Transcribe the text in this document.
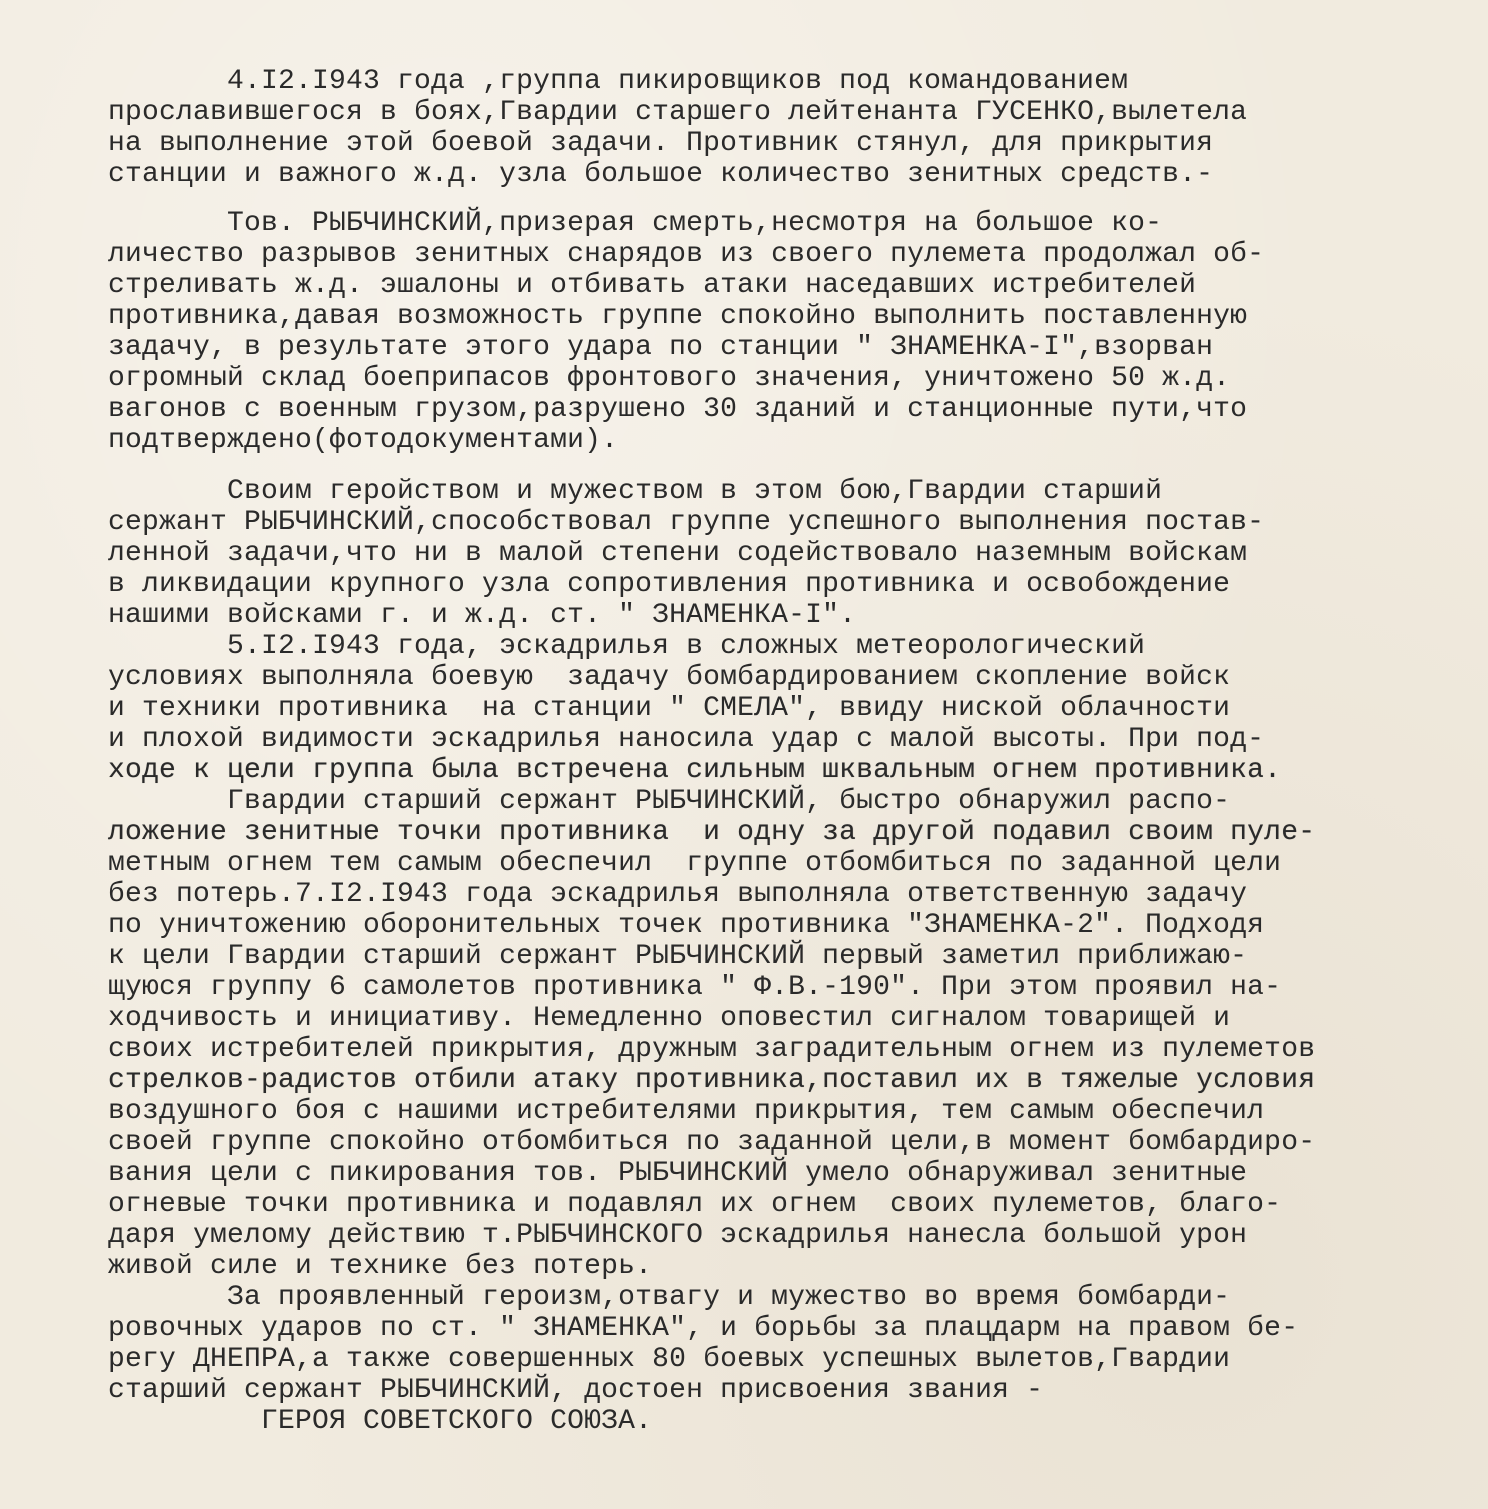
4.I2.I943 года ,группа пикировщиков под командованием
прославившегося в боях,Гвардии старшего лейтенанта ГУСЕНКО,вылетела
на выполнение этой боевой задачи. Противник стянул, для прикрытия
станции и важного ж.д. узла большое количество зенитных средств.-
Тов. РЫБЧИНСКИЙ,призерая смерть,несмотря на большое ко-
личество разрывов зенитных снарядов из своего пулемета продолжал об-
стреливать ж.д. эшалоны и отбивать атаки наседавших истребителей
противника,давая возможность группе спокойно выполнить поставленную
задачу, в результате этого удара по станции " ЗНАМЕНКА-I",взорван
огромный склад боеприпасов фронтового значения, уничтожено 50 ж.д.
вагонов с военным грузом,разрушено 30 зданий и станционные пути,что
подтверждено(фотодокументами).
Своим геройством и мужеством в этом бою,Гвардии старший
сержант РЫБЧИНСКИЙ,способствовал группе успешного выполнения постав-
ленной задачи,что ни в малой степени содействовало наземным войскам
в ликвидации крупного узла сопротивления противника и освобождение
нашими войсками г. и ж.д. ст. " ЗНАМЕНКА-I".
5.I2.I943 года, эскадрилья в сложных метеорологический
условиях выполняла боевую  задачу бомбардированием скопление войск
и техники противника  на станции " СМЕЛА", ввиду ниской облачности
и плохой видимости эскадрилья наносила удар с малой высоты. При под-
ходе к цели группа была встречена сильным шквальным огнем противника.
Гвардии старший сержант РЫБЧИНСКИЙ, быстро обнаружил распо-
ложение зенитные точки противника  и одну за другой подавил своим пуле-
метным огнем тем самым обеспечил  группе отбомбиться по заданной цели
без потерь.7.I2.I943 года эскадрилья выполняла ответственную задачу
по уничтожению оборонительных точек противника "ЗНАМЕНКА-2". Подходя
к цели Гвардии старший сержант РЫБЧИНСКИЙ первый заметил приближаю-
щуюся группу 6 самолетов противника " Ф.В.-190". При этом проявил на-
ходчивость и инициативу. Немедленно оповестил сигналом товарищей и
своих истребителей прикрытия, дружным заградительным огнем из пулеметов
стрелков-радистов отбили атаку противника,поставил их в тяжелые условия
воздушного боя с нашими истребителями прикрытия, тем самым обеспечил
своей группе спокойно отбомбиться по заданной цели,в момент бомбардиро-
вания цели с пикирования тов. РЫБЧИНСКИЙ умело обнаруживал зенитные
огневые точки противника и подавлял их огнем  своих пулеметов, благо-
даря умелому действию т.РЫБЧИНСКОГО эскадрилья нанесла большой урон
живой силе и технике без потерь.
За проявленный героизм,отвагу и мужество во время бомбарди-
ровочных ударов по ст. " ЗНАМЕНКА", и борьбы за плацдарм на правом бе-
регу ДНЕПРА,а также совершенных 80 боевых успешных вылетов,Гвардии
старший сержант РЫБЧИНСКИЙ, достоен присвоения звания -
ГЕРОЯ СОВЕТСКОГО СОЮЗА.
